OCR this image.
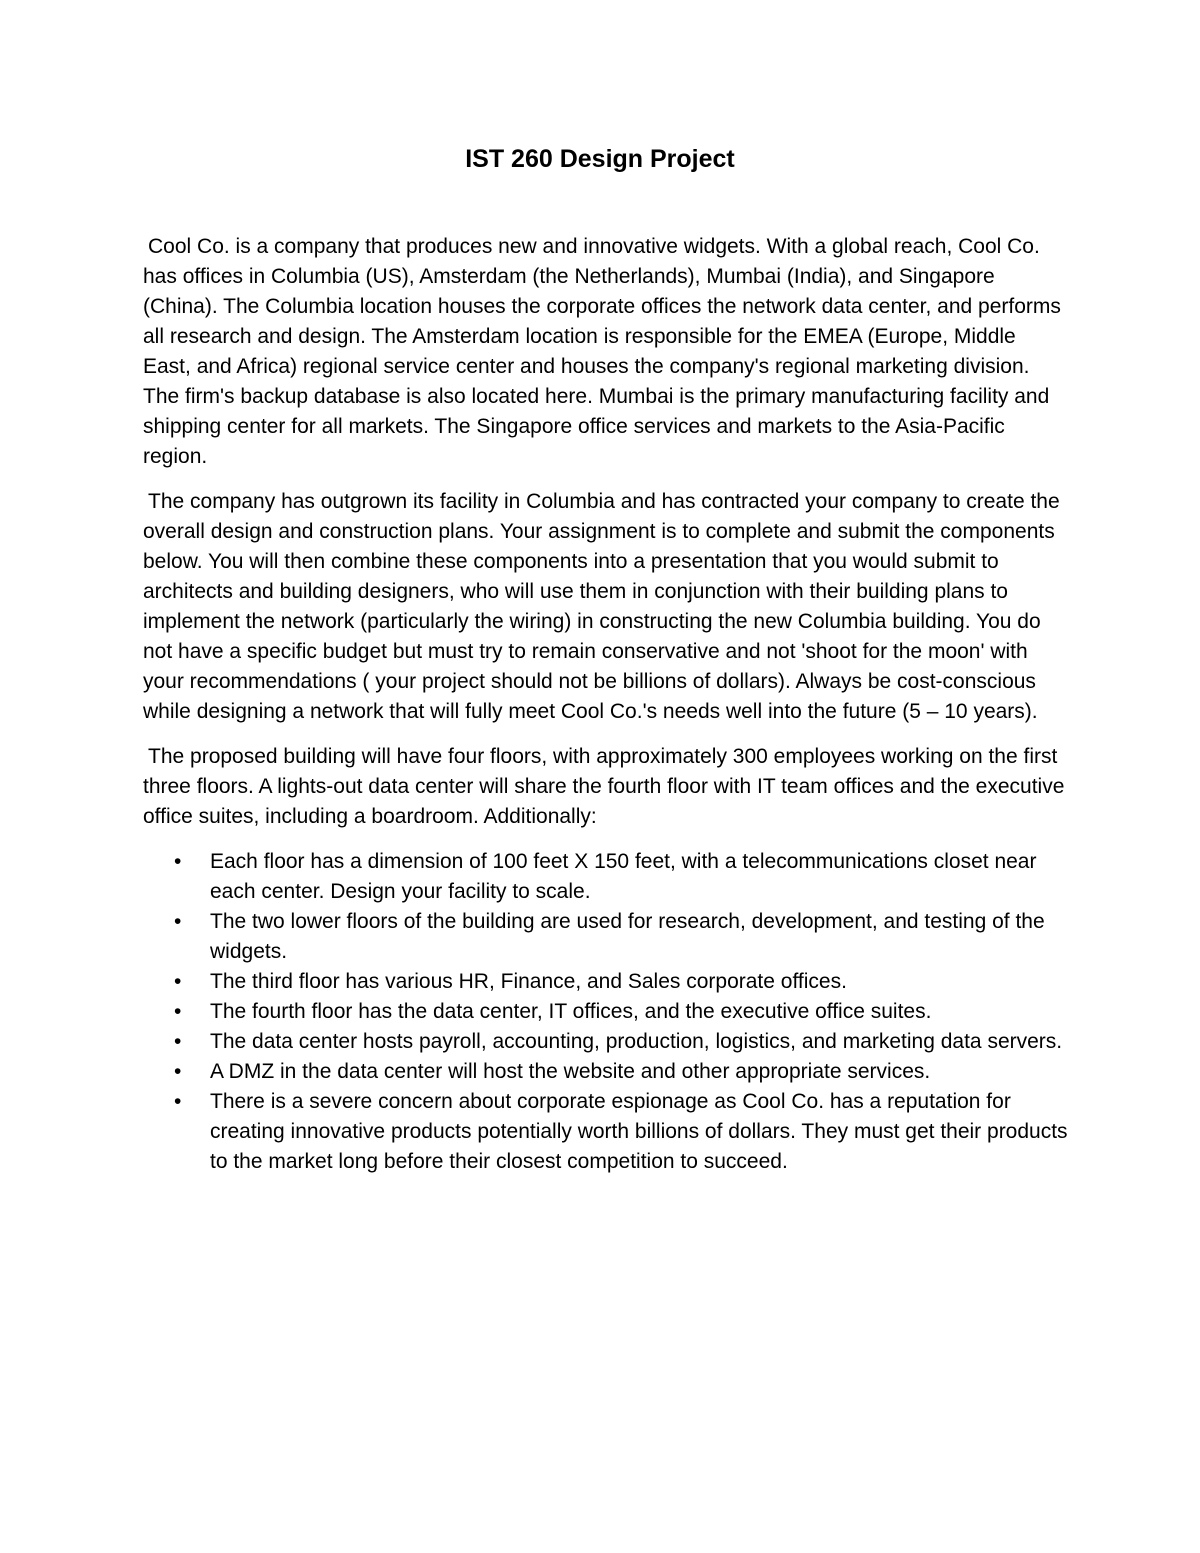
IST 260 Design Project

Cool Co. is a company that produces new and innovative widgets. With a global reach, Cool Co. has offices in Columbia (US), Amsterdam (the Netherlands), Mumbai (India), and Singapore (China). The Columbia location houses the corporate offices the network data center, and performs all research and design. The Amsterdam location is responsible for the EMEA (Europe, Middle East, and Africa) regional service center and houses the company's regional marketing division. The firm's backup database is also located here. Mumbai is the primary manufacturing facility and shipping center for all markets. The Singapore office services and markets to the Asia-Pacific region.

The company has outgrown its facility in Columbia and has contracted your company to create the overall design and construction plans. Your assignment is to complete and submit the components below. You will then combine these components into a presentation that you would submit to architects and building designers, who will use them in conjunction with their building plans to implement the network (particularly the wiring) in constructing the new Columbia building. You do not have a specific budget but must try to remain conservative and not 'shoot for the moon' with your recommendations ( your project should not be billions of dollars). Always be cost-conscious while designing a network that will fully meet Cool Co.'s needs well into the future (5 – 10 years).

The proposed building will have four floors, with approximately 300 employees working on the first three floors. A lights-out data center will share the fourth floor with IT team offices and the executive office suites, including a boardroom. Additionally:

•	Each floor has a dimension of 100 feet X 150 feet, with a telecommunications closet near each center. Design your facility to scale.
•	The two lower floors of the building are used for research, development, and testing of the widgets.
•	The third floor has various HR, Finance, and Sales corporate offices.
•	The fourth floor has the data center, IT offices, and the executive office suites.
•	The data center hosts payroll, accounting, production, logistics, and marketing data servers.
•	A DMZ in the data center will host the website and other appropriate services.
•	There is a severe concern about corporate espionage as Cool Co. has a reputation for creating innovative products potentially worth billions of dollars. They must get their products to the market long before their closest competition to succeed.
